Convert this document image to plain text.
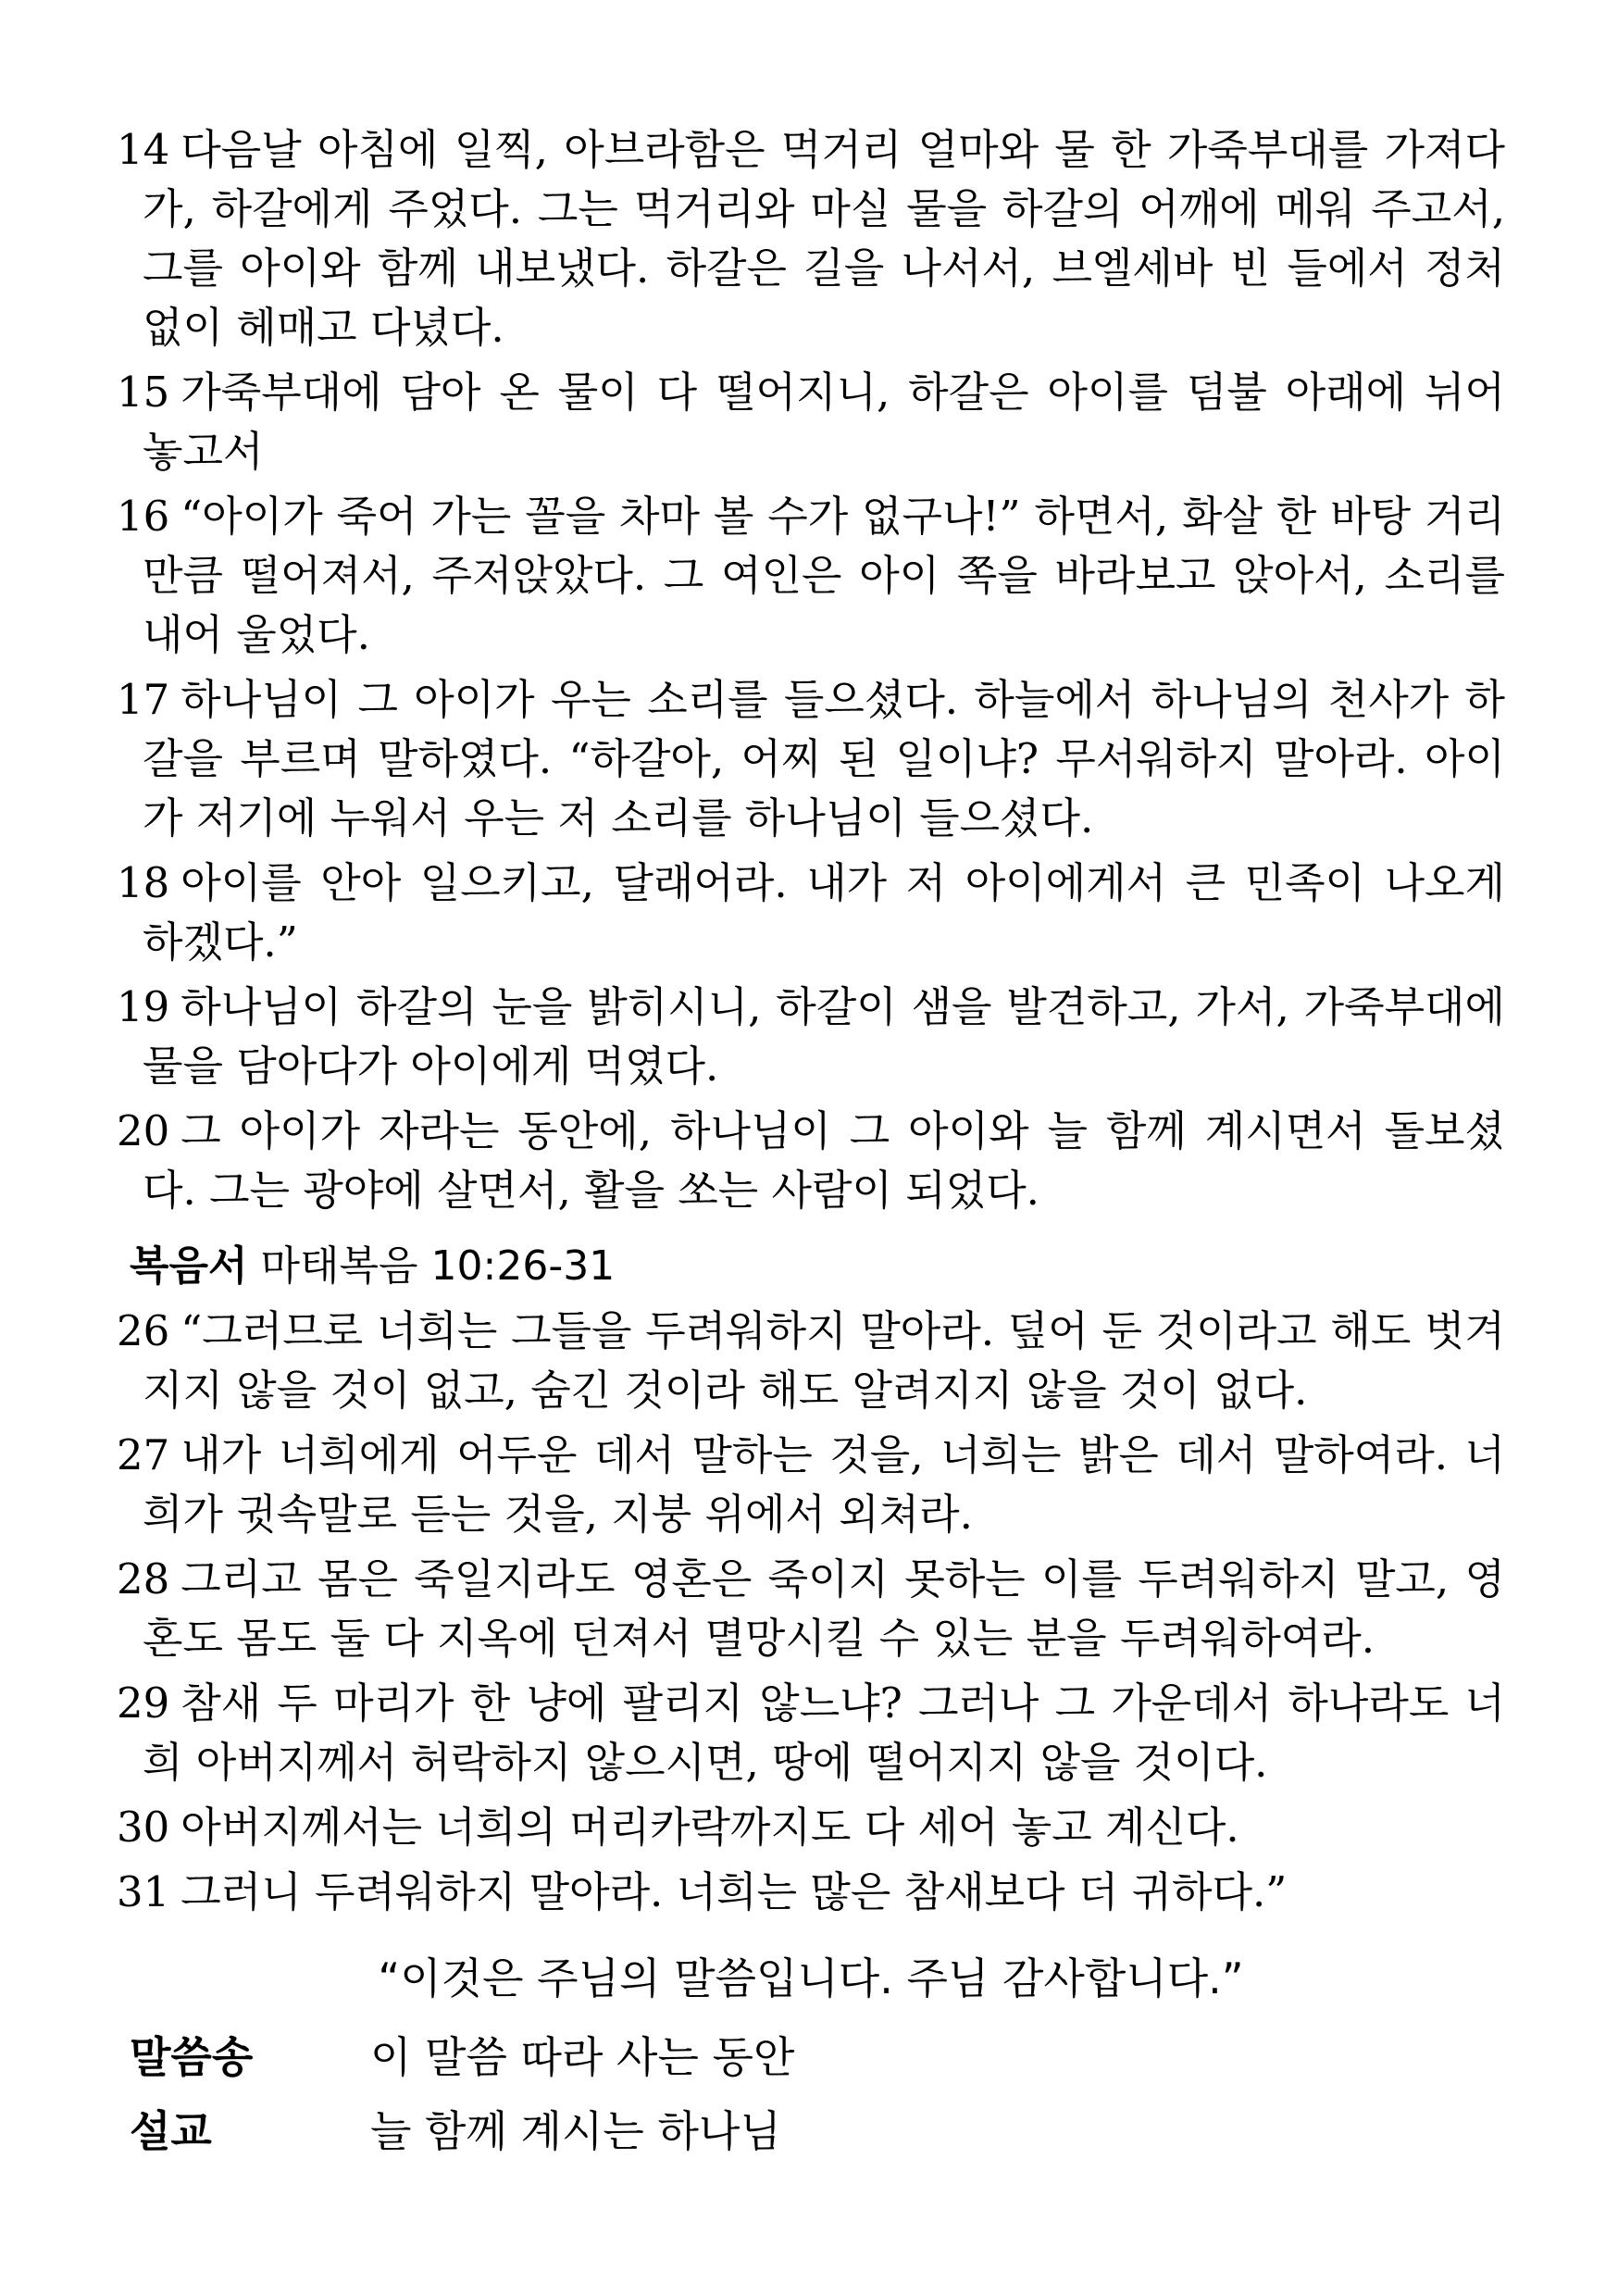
14 다음날 아침에 일찍, 아브라함은 먹거리 얼마와 물 한 가죽부대를 가져다가, 하갈에게 주었다. 그는 먹거리와 마실 물을 하갈의 어깨에 메워 주고서, 그를 아이와 함께 내보냈다. 하갈은 길을 나서서, 브엘세바 빈 들에서 정처없이 헤매고 다녔다.

15 가죽부대에 담아 온 물이 다 떨어지니, 하갈은 아이를 덤불 아래에 뉘어 놓고서

16 “아이가 죽어 가는 꼴을 차마 볼 수가 없구나!” 하면서, 화살 한 바탕 거리만큼 떨어져서, 주저앉았다. 그 여인은 아이 쪽을 바라보고 앉아서, 소리를 내어 울었다.

17 하나님이 그 아이가 우는 소리를 들으셨다. 하늘에서 하나님의 천사가 하갈을 부르며 말하였다. “하갈아, 어찌 된 일이냐? 무서워하지 말아라. 아이가 저기에 누워서 우는 저 소리를 하나님이 들으셨다.

18 아이를 안아 일으키고, 달래어라. 내가 저 아이에게서 큰 민족이 나오게 하겠다.”

19 하나님이 하갈의 눈을 밝히시니, 하갈이 샘을 발견하고, 가서, 가죽부대에 물을 담아다가 아이에게 먹였다.

20 그 아이가 자라는 동안에, 하나님이 그 아이와 늘 함께 계시면서 돌보셨다. 그는 광야에 살면서, 활을 쏘는 사람이 되었다.

복음서 마태복음 10:26-31

26 “그러므로 너희는 그들을 두려워하지 말아라. 덮어 둔 것이라고 해도 벗겨지지 않을 것이 없고, 숨긴 것이라 해도 알려지지 않을 것이 없다.

27 내가 너희에게 어두운 데서 말하는 것을, 너희는 밝은 데서 말하여라. 너희가 귓속말로 듣는 것을, 지붕 위에서 외쳐라.

28 그리고 몸은 죽일지라도 영혼은 죽이지 못하는 이를 두려워하지 말고, 영혼도 몸도 둘 다 지옥에 던져서 멸망시킬 수 있는 분을 두려워하여라.

29 참새 두 마리가 한 냥에 팔리지 않느냐? 그러나 그 가운데서 하나라도 너희 아버지께서 허락하지 않으시면, 땅에 떨어지지 않을 것이다.

30 아버지께서는 너희의 머리카락까지도 다 세어 놓고 계신다.

31 그러니 두려워하지 말아라. 너희는 많은 참새보다 더 귀하다.”

“이것은 주님의 말씀입니다. 주님 감사합니다.”
말씀송	이 말씀 따라 사는 동안
설교	늘 함께 계시는 하나님
